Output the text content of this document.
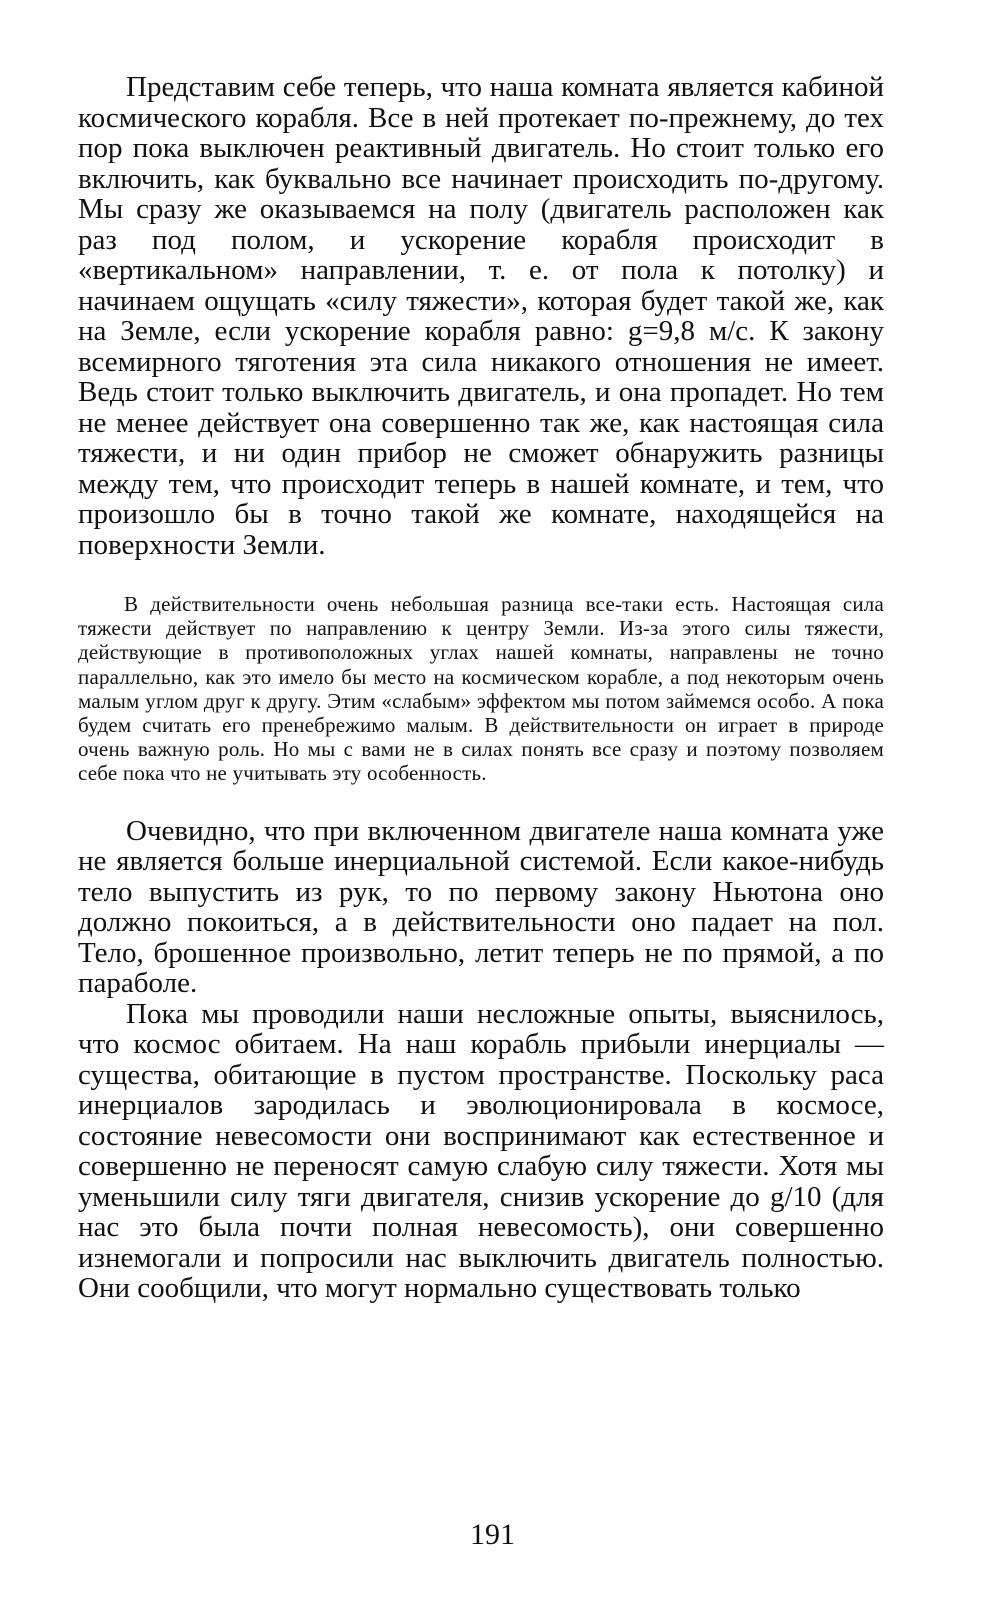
Представим себе теперь, что наша комната является кабиной космического корабля. Все в ней протекает по-прежнему, до тех пор пока выключен реактивный двигатель. Но стоит только его включить, как буквально все начинает происходить по-другому. Мы сразу же оказываемся на полу (двигатель расположен как раз под полом, и ускорение корабля происходит в «вертикальном» направлении, т. е. от пола к потолку) и начинаем ощущать «силу тяжести», которая будет такой же, как на Земле, если ускорение корабля равно: g=9,8 м/с. К закону всемирного тяготения эта сила никакого отношения не имеет. Ведь стоит только выключить двигатель, и она пропадет. Но тем не менее действует она совершенно так же, как настоящая сила тяжести, и ни один прибор не сможет обнаружить разницы между тем, что происходит теперь в нашей комнате, и тем, что произошло бы в точно такой же комнате, находящейся на поверхности Земли.

В действительности очень небольшая разница все-таки есть. Настоящая сила тяжести действует по направлению к центру Земли. Из-за этого силы тяжести, действующие в противоположных углах нашей комнаты, направлены не точно параллельно, как это имело бы место на космическом корабле, а под некоторым очень малым углом друг к другу. Этим «слабым» эффектом мы потом займемся особо. А пока будем считать его пренебрежимо малым. В действительности он играет в природе очень важную роль. Но мы с вами не в силах понять все сразу и поэтому позволяем себе пока что не учитывать эту особенность.

Очевидно, что при включенном двигателе наша комната уже не является больше инерциальной системой. Если какое-нибудь тело выпустить из рук, то по первому закону Ньютона оно должно покоиться, а в действительности оно падает на пол. Тело, брошенное произвольно, летит теперь не по прямой, а по параболе.

Пока мы проводили наши несложные опыты, выяснилось, что космос обитаем. На наш корабль прибыли инерциалы — существа, обитающие в пустом пространстве. Поскольку раса инерциалов зародилась и эволюционировала в космосе, состояние невесомости они воспринимают как естественное и совершенно не переносят самую слабую силу тяжести. Хотя мы уменьшили силу тяги двигателя, снизив ускорение до g/10 (для нас это была почти полная невесомость), они совершенно изнемогали и попросили нас выключить двигатель полностью. Они сообщили, что могут нормально существовать только

191
